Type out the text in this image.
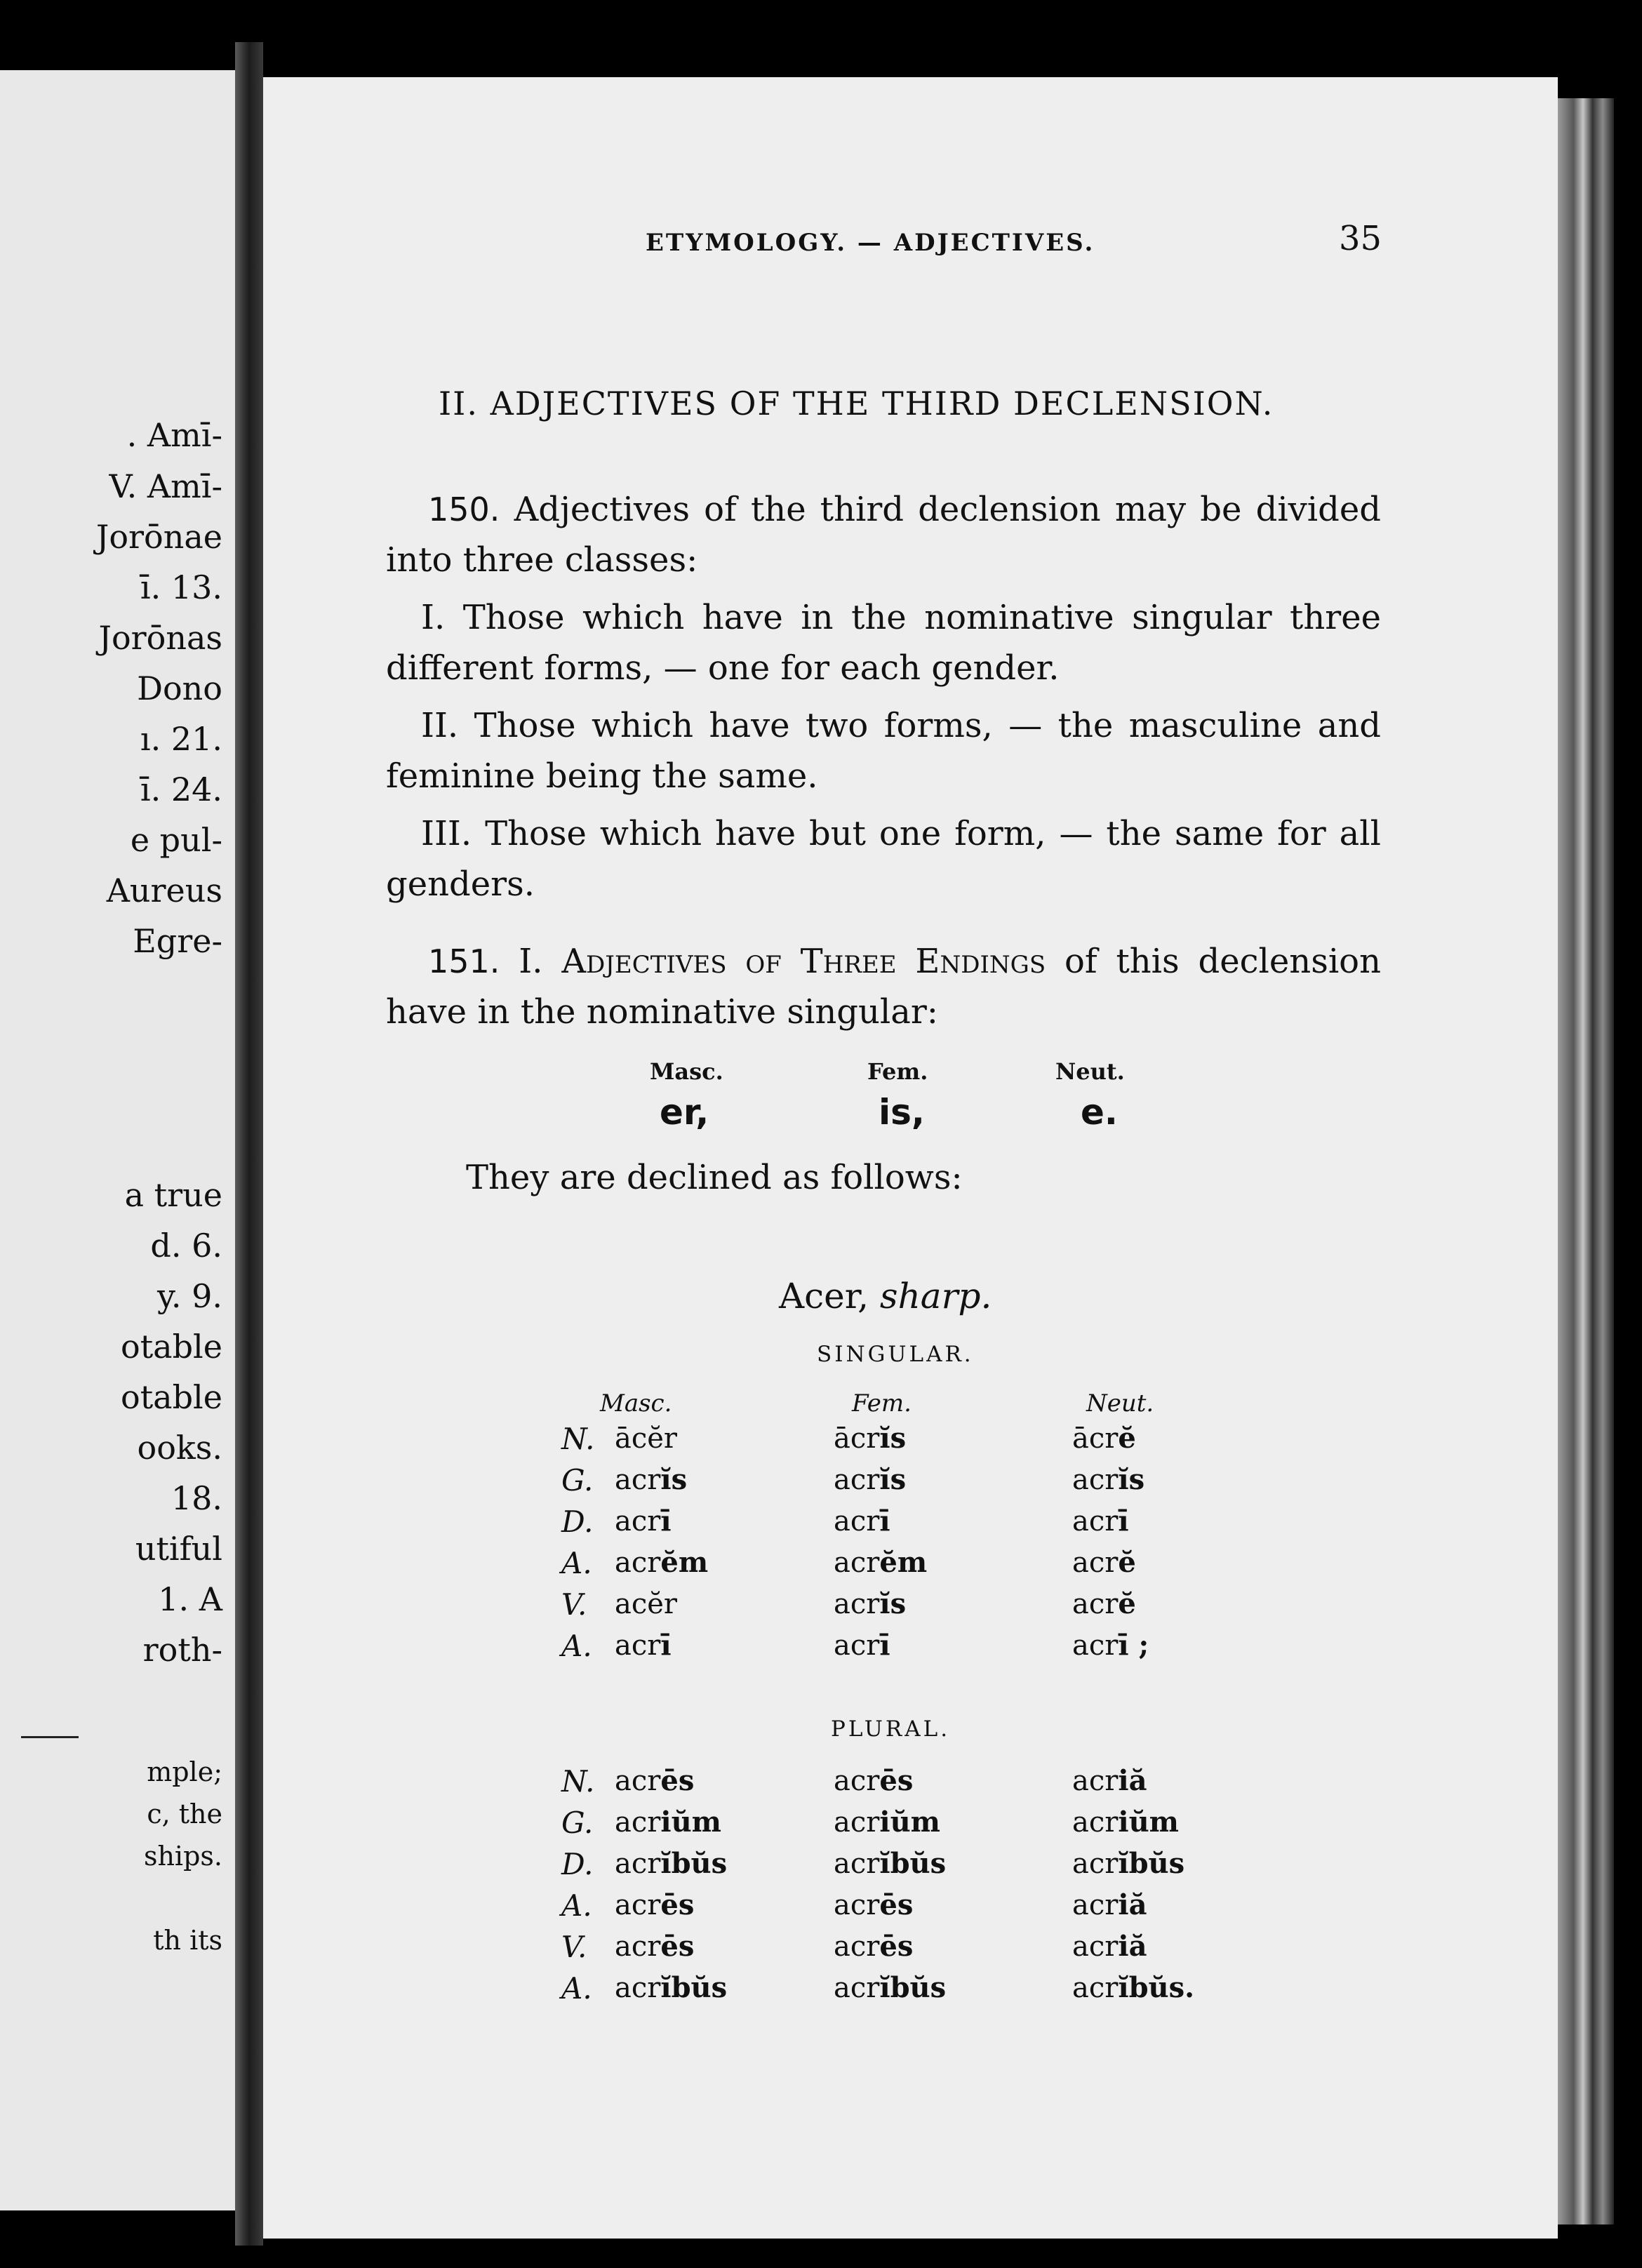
. Amī-
V. Amī-
Jorōnae
ī. 13.
Jorōnas
Dono
ı. 21.
ī. 24.
e pul-
Aureus
Egre-
a true
d. 6.
y. 9.
otable
otable
ooks.
18.
utiful
1. A
roth-
mple;
c, the
ships.
th its
ETYMOLOGY. — ADJECTIVES.	35
II. ADJECTIVES OF THE THIRD DECLENSION.
150. Adjectives of the third declension may be divided into three classes:
I. Those which have in the nominative singular three different forms, — one for each gender.
II. Those which have two forms, — the masculine and feminine being the same.
III. Those which have but one form, — the same for all genders.
151. I. Adjectives of Three Endings of this declension have in the nominative singular:
Masc.	Fem.	Neut.
er,	is,	e.
They are declined as follows:
Acer, sharp.
SINGULAR.
Masc.	Fem.	Neut.
N. ācĕr	ācrĭs	ācrĕ
G. acrĭs	acrĭs	acrĭs
D. acrī	acrī	acrī
A. acrĕm	acrĕm	acrĕ
V. acĕr	acrĭs	acrĕ
A. acrī	acrī	acrī ;
PLURAL.
N. acrēs	acrēs	acriă
G. acriŭm	acriŭm	acriŭm
D. acrĭbŭs	acrĭbŭs	acrĭbŭs
A. acrēs	acrēs	acriă
V. acrēs	acrēs	acriă
A. acrĭbŭs	acrĭbŭs	acrĭbŭs.
